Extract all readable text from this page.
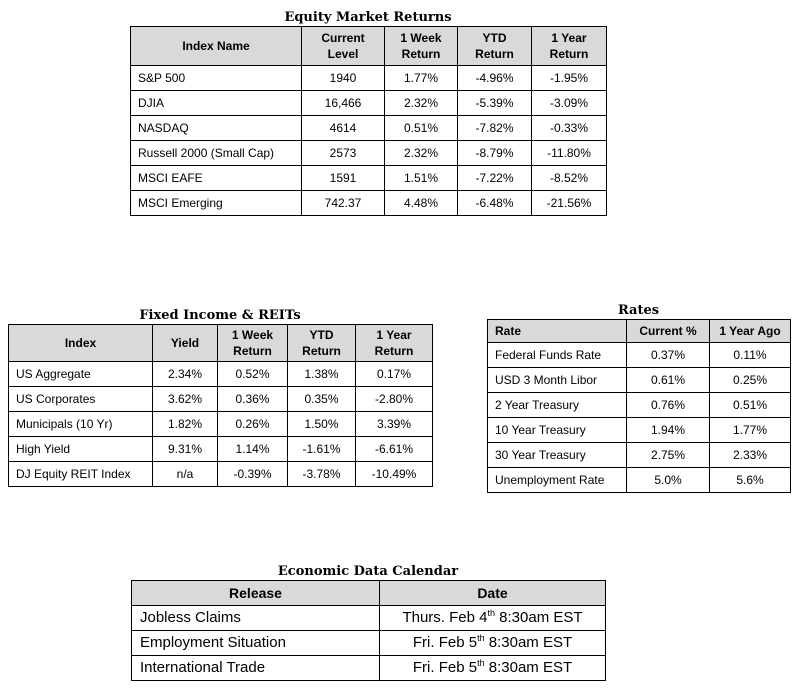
Equity Market Returns
Index Name	Current Level	1 Week Return	YTD Return	1 Year Return
S&P 500	1940	1.77%	-4.96%	-1.95%
DJIA	16,466	2.32%	-5.39%	-3.09%
NASDAQ	4614	0.51%	-7.82%	-0.33%
Russell 2000 (Small Cap)	2573	2.32%	-8.79%	-11.80%
MSCI EAFE	1591	1.51%	-7.22%	-8.52%
MSCI Emerging	742.37	4.48%	-6.48%	-21.56%
Fixed Income & REITs
Index	Yield	1 Week Return	YTD Return	1 Year Return
US Aggregate	2.34%	0.52%	1.38%	0.17%
US Corporates	3.62%	0.36%	0.35%	-2.80%
Municipals (10 Yr)	1.82%	0.26%	1.50%	3.39%
High Yield	9.31%	1.14%	-1.61%	-6.61%
DJ Equity REIT Index	n/a	-0.39%	-3.78%	-10.49%
Rates
Rate	Current %	1 Year Ago
Federal Funds Rate	0.37%	0.11%
USD 3 Month Libor	0.61%	0.25%
2 Year Treasury	0.76%	0.51%
10 Year Treasury	1.94%	1.77%
30 Year Treasury	2.75%	2.33%
Unemployment Rate	5.0%	5.6%
Economic Data Calendar
Release	Date
Jobless Claims	Thurs. Feb 4th 8:30am EST
Employment Situation	Fri. Feb 5th 8:30am EST
International Trade	Fri. Feb 5th 8:30am EST
